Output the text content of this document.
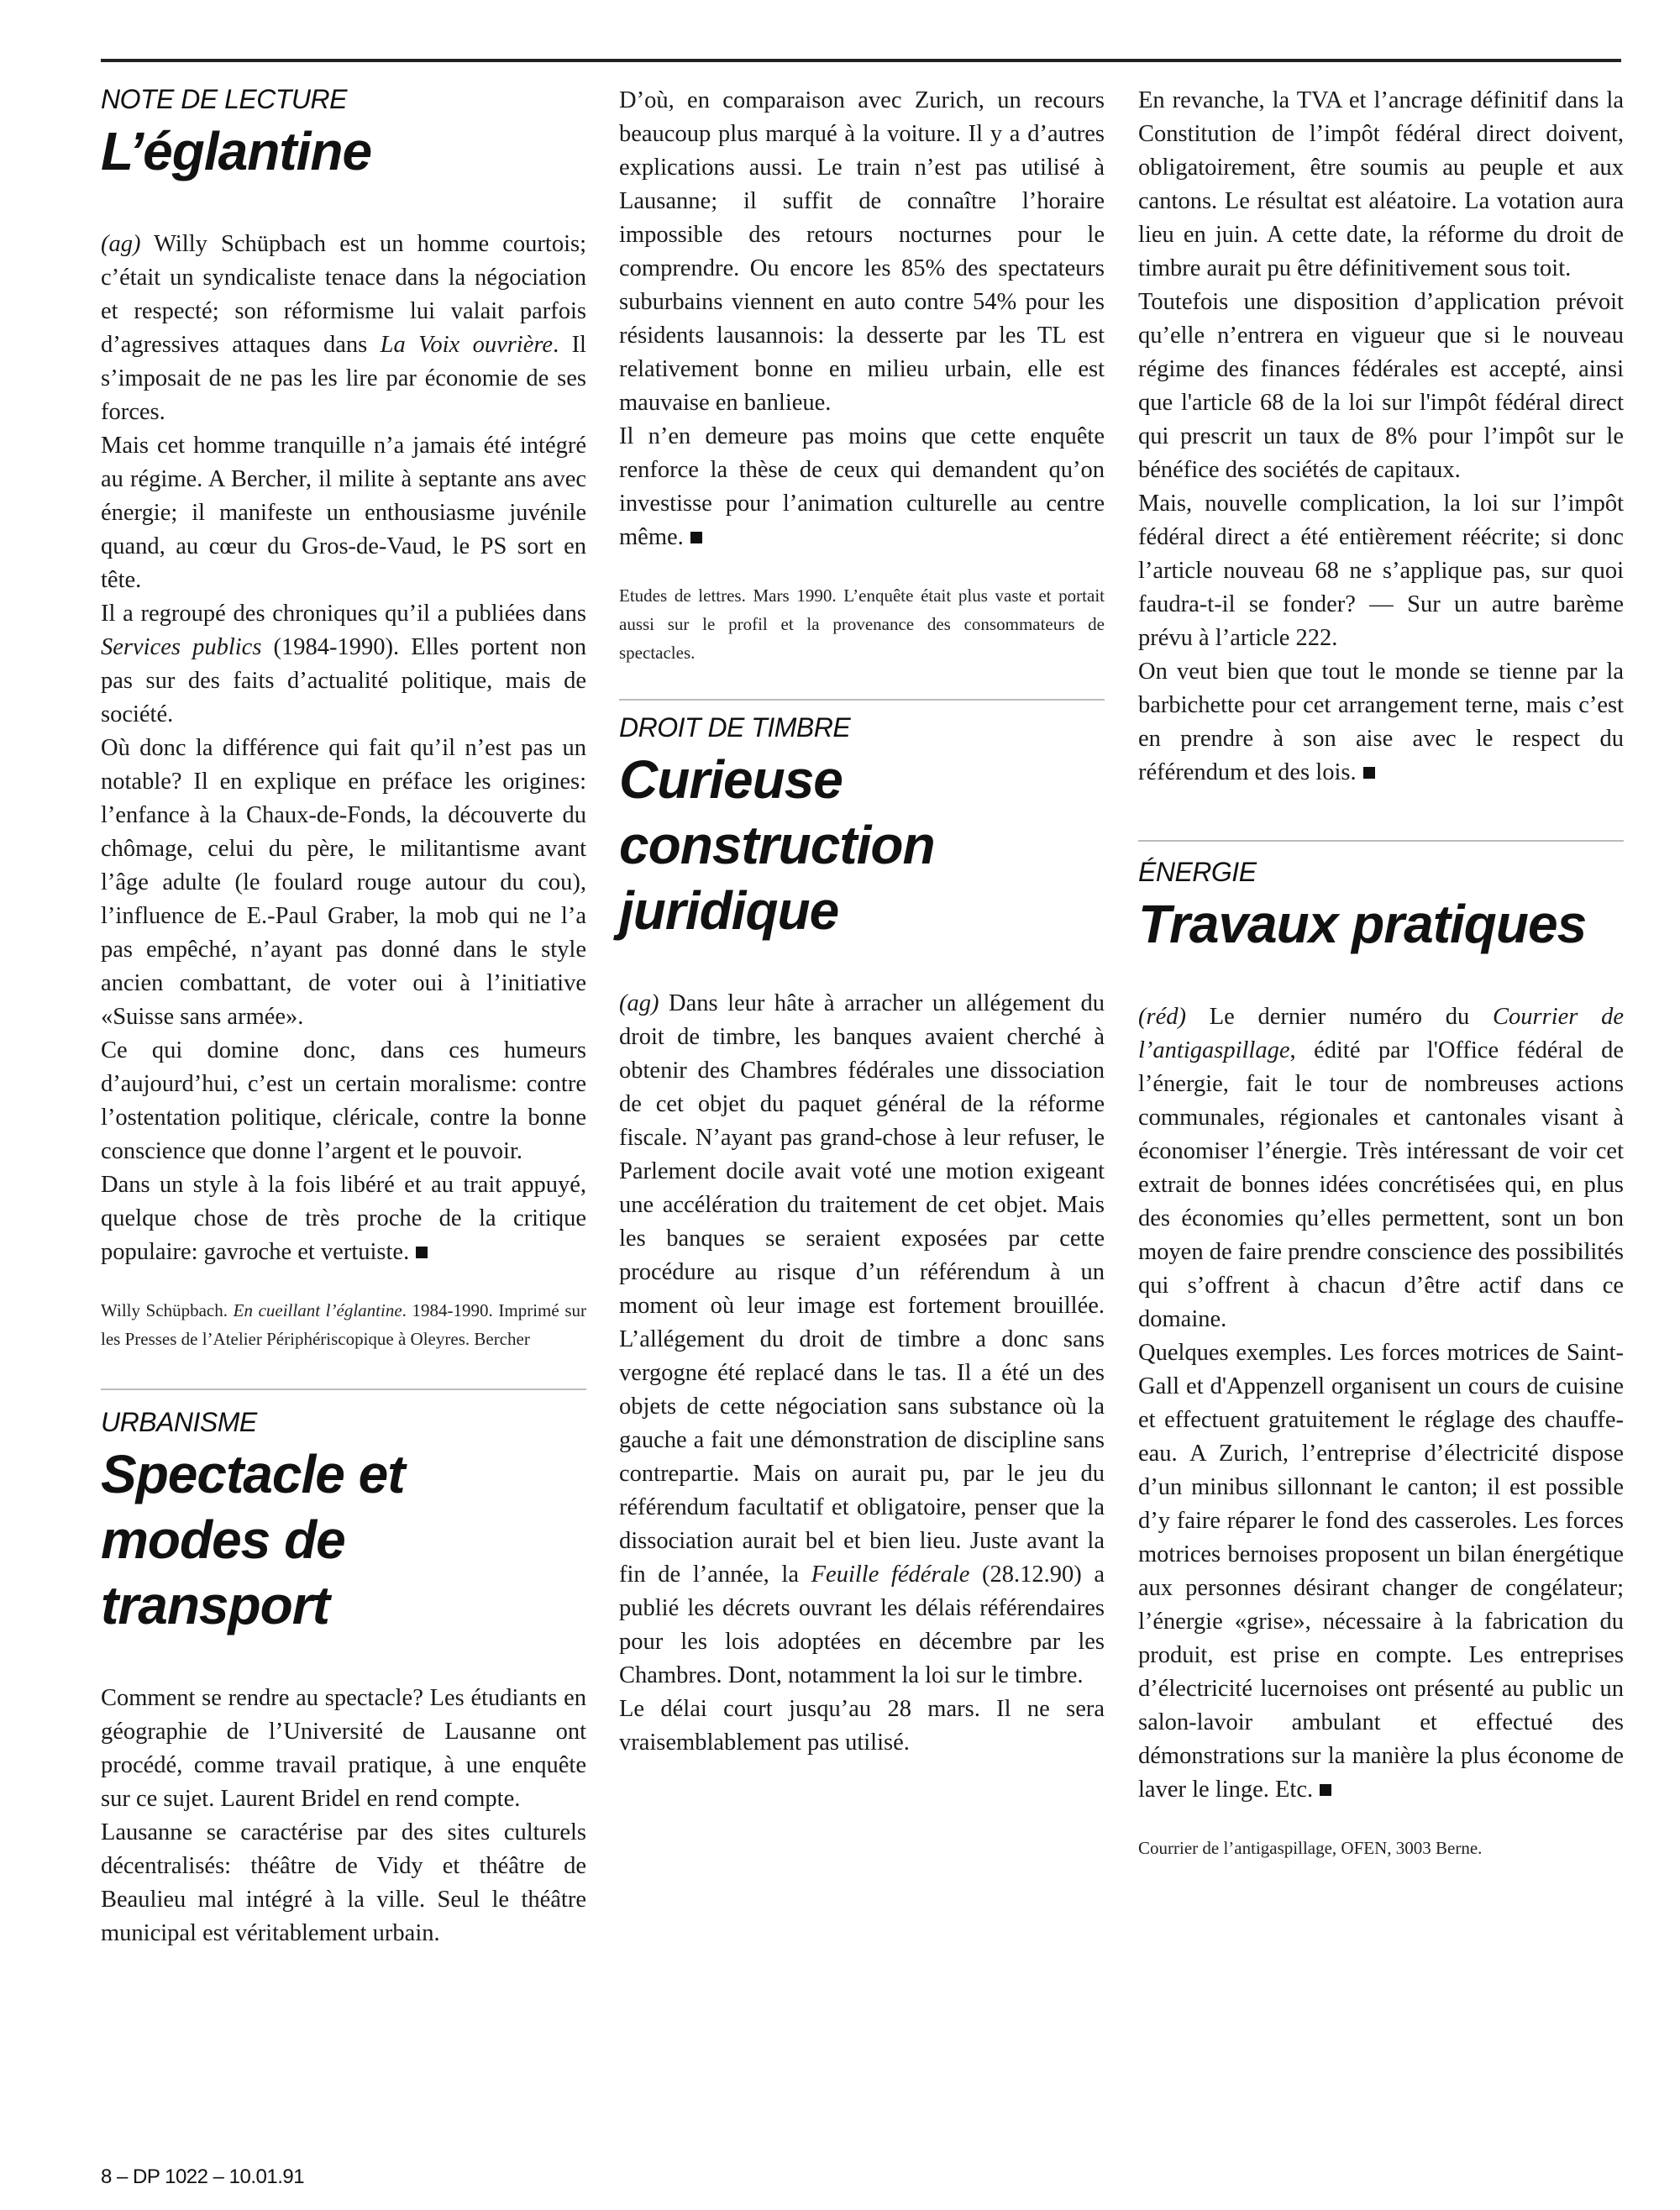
NOTE DE LECTURE
L’églantine

(ag) Willy Schüpbach est un homme courtois; c’était un syndicaliste tenace dans la négociation et respecté; son réformisme lui valait parfois d’agressives attaques dans La Voix ouvrière. Il s’imposait de ne pas les lire par économie de ses forces.

Mais cet homme tranquille n’a jamais été intégré au régime. A Bercher, il milite à septante ans avec énergie; il manifeste un enthousiasme juvénile quand, au cœur du Gros-de-Vaud, le PS sort en tête.

Il a regroupé des chroniques qu’il a publiées dans Services publics (1984-1990). Elles portent non pas sur des faits d’actualité politique, mais de société.

Où donc la différence qui fait qu’il n’est pas un notable? Il en explique en préface les origines: l’enfance à la Chaux-de-Fonds, la découverte du chômage, celui du père, le militantisme avant l’âge adulte (le foulard rouge autour du cou), l’influence de E.-Paul Graber, la mob qui ne l’a pas empêché, n’ayant pas donné dans le style ancien combattant, de voter oui à l’initiative «Suisse sans armée».

Ce qui domine donc, dans ces humeurs d’aujourd’hui, c’est un certain moralisme: contre l’ostentation politique, cléricale, contre la bonne conscience que donne l’argent et le pouvoir.

Dans un style à la fois libéré et au trait appuyé, quelque chose de très proche de la critique populaire: gavroche et vertuiste.

Willy Schüpbach. En cueillant l’églantine. 1984-1990. Imprimé sur les Presses de l’Atelier Périphériscopique à Oleyres. Bercher
URBANISME
Spectacle et modes de transport

Comment se rendre au spectacle? Les étudiants en géographie de l’Université de Lausanne ont procédé, comme travail pratique, à une enquête sur ce sujet. Laurent Bridel en rend compte.

Lausanne se caractérise par des sites culturels décentralisés: théâtre de Vidy et théâtre de Beaulieu mal intégré à la ville. Seul le théâtre municipal est véritablement urbain.

D’où, en comparaison avec Zurich, un recours beaucoup plus marqué à la voiture. Il y a d’autres explications aussi. Le train n’est pas utilisé à Lausanne; il suffit de connaître l’horaire impossible des retours nocturnes pour le comprendre. Ou encore les 85% des spectateurs suburbains viennent en auto contre 54% pour les résidents lausannois: la desserte par les TL est relativement bonne en milieu urbain, elle est mauvaise en banlieue.

Il n’en demeure pas moins que cette enquête renforce la thèse de ceux qui demandent qu’on investisse pour l’animation culturelle au centre même.

Etudes de lettres. Mars 1990. L’enquête était plus vaste et portait aussi sur le profil et la provenance des consommateurs de spectacles.
DROIT DE TIMBRE
Curieuse construction juridique

(ag) Dans leur hâte à arracher un allégement du droit de timbre, les banques avaient cherché à obtenir des Chambres fédérales une dissociation de cet objet du paquet général de la réforme fiscale. N’ayant pas grand-chose à leur refuser, le Parlement docile avait voté une motion exigeant une accélération du traitement de cet objet. Mais les banques se seraient exposées par cette procédure au risque d’un référendum à un moment où leur image est fortement brouillée. L’allégement du droit de timbre a donc sans vergogne été replacé dans le tas. Il a été un des objets de cette négociation sans substance où la gauche a fait une démonstration de discipline sans contrepartie. Mais on aurait pu, par le jeu du référendum facultatif et obligatoire, penser que la dissociation aurait bel et bien lieu. Juste avant la fin de l’année, la Feuille fédérale (28.12.90) a publié les décrets ouvrant les délais référendaires pour les lois adoptées en décembre par les Chambres. Dont, notamment la loi sur le timbre.

Le délai court jusqu’au 28 mars. Il ne sera vraisemblablement pas utilisé.

En revanche, la TVA et l’ancrage définitif dans la Constitution de l’impôt fédéral direct doivent, obligatoirement, être soumis au peuple et aux cantons. Le résultat est aléatoire. La votation aura lieu en juin. A cette date, la réforme du droit de timbre aurait pu être définitivement sous toit.

Toutefois une disposition d’application prévoit qu’elle n’entrera en vigueur que si le nouveau régime des finances fédérales est accepté, ainsi que l'article 68 de la loi sur l'impôt fédéral direct qui prescrit un taux de 8% pour l’impôt sur le bénéfice des sociétés de capitaux.

Mais, nouvelle complication, la loi sur l’impôt fédéral direct a été entièrement réécrite; si donc l’article nouveau 68 ne s’applique pas, sur quoi faudra-t-il se fonder? — Sur un autre barème prévu à l’article 222.

On veut bien que tout le monde se tienne par la barbichette pour cet arrangement terne, mais c’est en prendre à son aise avec le respect du référendum et des lois.

ÉNERGIE
Travaux pratiques

(réd) Le dernier numéro du Courrier de l’antigaspillage, édité par l'Office fédéral de l’énergie, fait le tour de nombreuses actions communales, régionales et cantonales visant à économiser l’énergie. Très intéressant de voir cet extrait de bonnes idées concrétisées qui, en plus des économies qu’elles permettent, sont un bon moyen de faire prendre conscience des possibilités qui s’offrent à chacun d’être actif dans ce domaine.

Quelques exemples. Les forces motrices de Saint-Gall et d'Appenzell organisent un cours de cuisine et effectuent gratuitement le réglage des chauffe-eau. A Zurich, l’entreprise d’électricité dispose d’un minibus sillonnant le canton; il est possible d’y faire réparer le fond des casseroles. Les forces motrices bernoises proposent un bilan énergétique aux personnes désirant changer de congélateur; l’énergie «grise», nécessaire à la fabrication du produit, est prise en compte. Les entreprises d’électricité lucernoises ont présenté au public un salon-lavoir ambulant et effectué des démonstrations sur la manière la plus économe de laver le linge. Etc.

Courrier de l’antigaspillage, OFEN, 3003 Berne.
8 – DP 1022 – 10.01.91
